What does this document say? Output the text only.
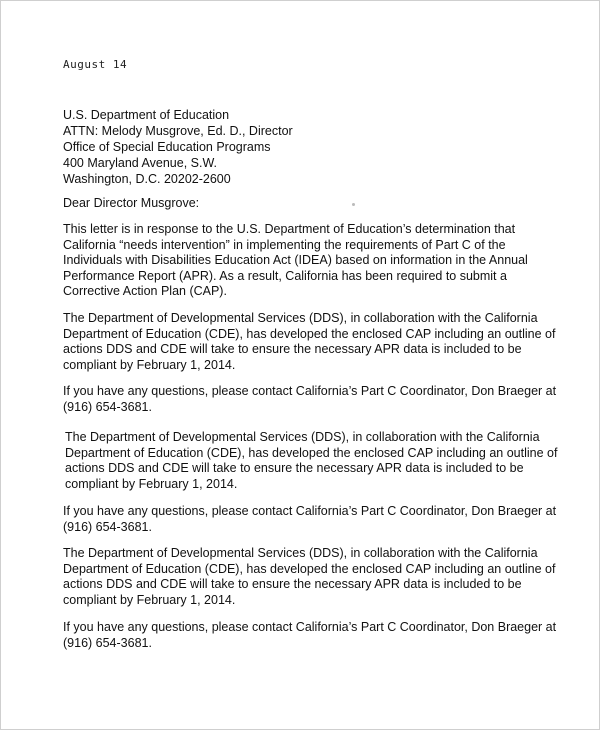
August 14
U.S. Department of Education
ATTN: Melody Musgrove, Ed. D., Director
Office of Special Education Programs
400 Maryland Avenue, S.W.
Washington, D.C. 20202-2600
Dear Director Musgrove:
This letter is in response to the U.S. Department of Education’s determination that California “needs intervention” in implementing the requirements of Part C of the Individuals with Disabilities Education Act (IDEA) based on information in the Annual Performance Report (APR). As a result, California has been required to submit a Corrective Action Plan (CAP).
The Department of Developmental Services (DDS), in collaboration with the California Department of Education (CDE), has developed the enclosed CAP including an outline of actions DDS and CDE will take to ensure the necessary APR data is included to be compliant by February 1, 2014.
If you have any questions, please contact California’s Part C Coordinator, Don Braeger at (916) 654-3681.
The Department of Developmental Services (DDS), in collaboration with the California Department of Education (CDE), has developed the enclosed CAP including an outline of actions DDS and CDE will take to ensure the necessary APR data is included to be compliant by February 1, 2014.
If you have any questions, please contact California’s Part C Coordinator, Don Braeger at (916) 654-3681.
The Department of Developmental Services (DDS), in collaboration with the California Department of Education (CDE), has developed the enclosed CAP including an outline of actions DDS and CDE will take to ensure the necessary APR data is included to be compliant by February 1, 2014.
If you have any questions, please contact California’s Part C Coordinator, Don Braeger at (916) 654-3681.
